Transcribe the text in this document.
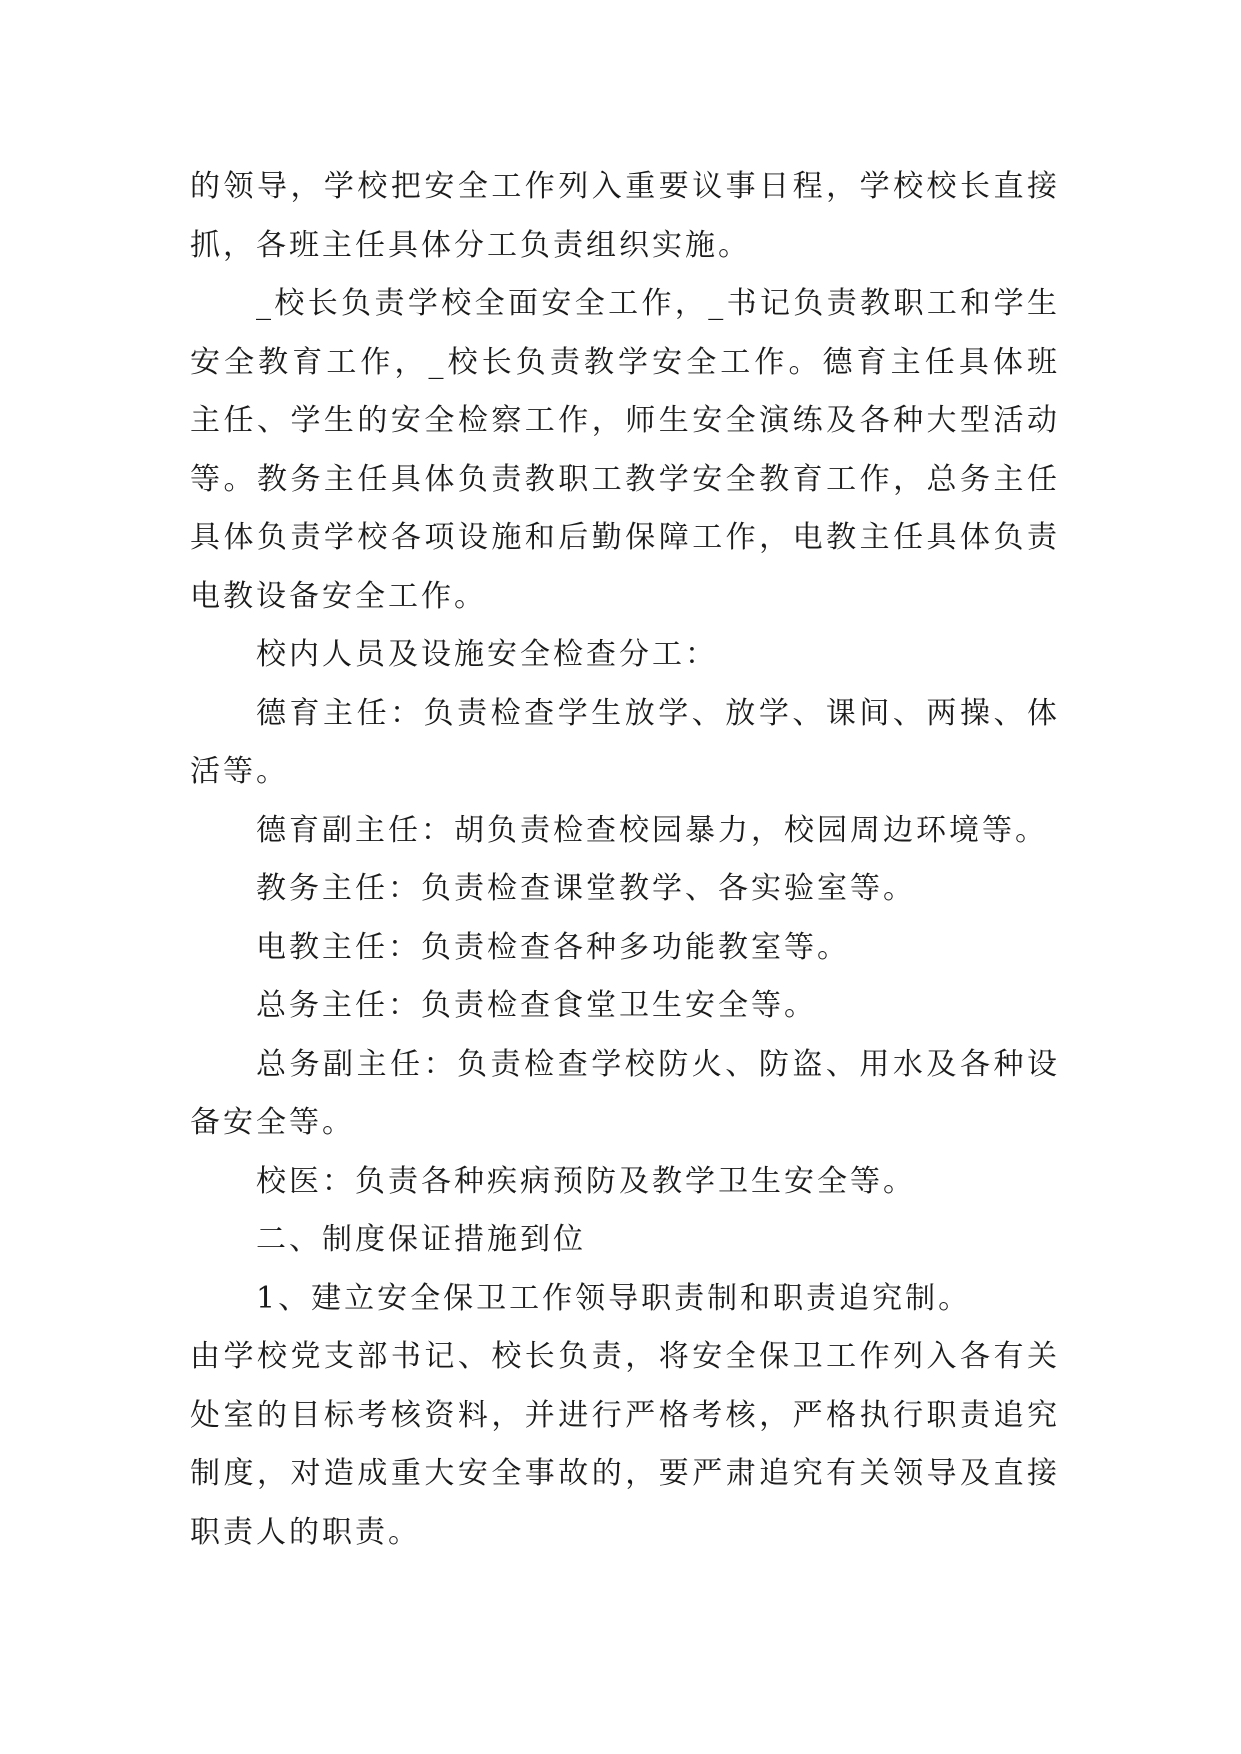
的领导，学校把安全工作列入重要议事日程，学校校长直接抓，各班主任具体分工负责组织实施。

_校长负责学校全面安全工作，_书记负责教职工和学生安全教育工作，_校长负责教学安全工作。德育主任具体班主任、学生的安全检察工作，师生安全演练及各种大型活动等。教务主任具体负责教职工教学安全教育工作，总务主任具体负责学校各项设施和后勤保障工作，电教主任具体负责电教设备安全工作。

校内人员及设施安全检查分工：

德育主任：负责检查学生放学、放学、课间、两操、体活等。

德育副主任：胡负责检查校园暴力，校园周边环境等。

教务主任：负责检查课堂教学、各实验室等。

电教主任：负责检查各种多功能教室等。

总务主任：负责检查食堂卫生安全等。

总务副主任：负责检查学校防火、防盗、用水及各种设备安全等。

校医：负责各种疾病预防及教学卫生安全等。

二、制度保证措施到位

1、建立安全保卫工作领导职责制和职责追究制。

由学校党支部书记、校长负责，将安全保卫工作列入各有关处室的目标考核资料，并进行严格考核，严格执行职责追究制度，对造成重大安全事故的，要严肃追究有关领导及直接职责人的职责。
